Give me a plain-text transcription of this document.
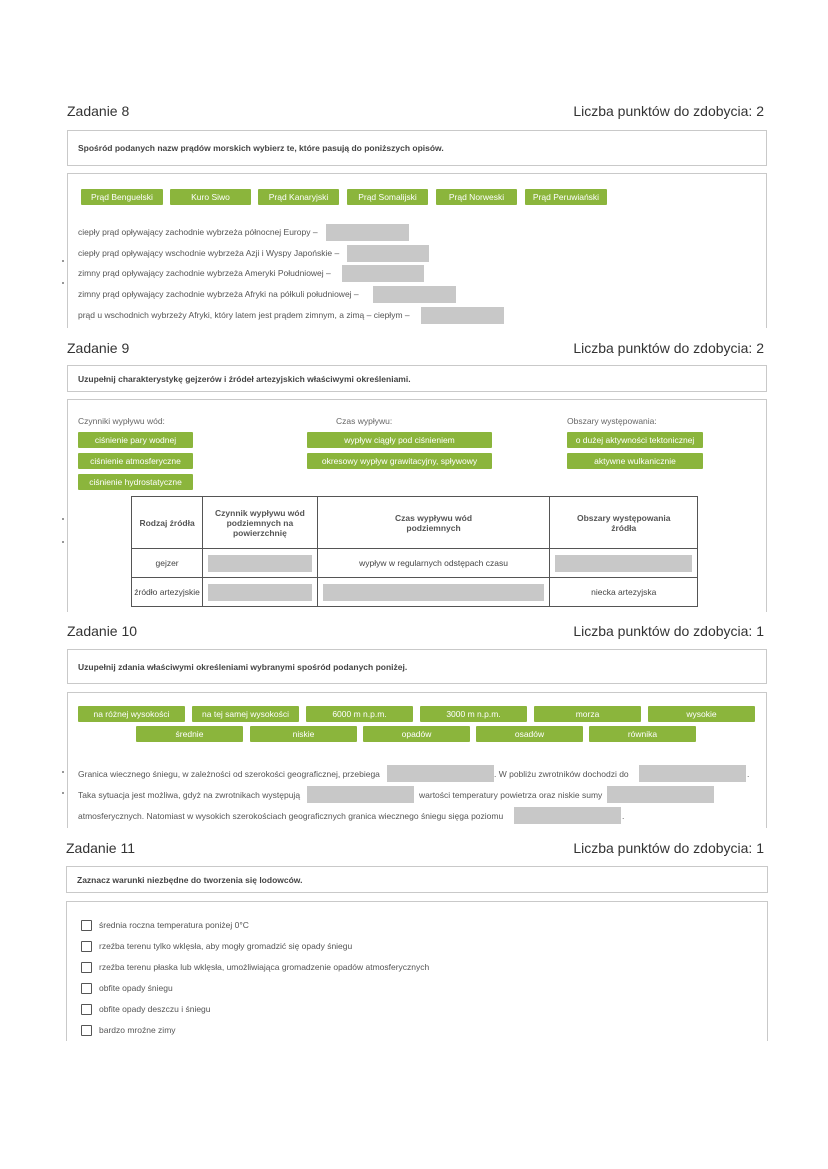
Zadanie 8	Liczba punktów do zdobycia: 2
Spośród podanych nazw prądów morskich wybierz te, które pasują do poniższych opisów.
Prąd Benguelski	Kuro Siwo	Prąd Kanaryjski	Prąd Somalijski	Prąd Norweski	Prąd Peruwiański
ciepły prąd opływający zachodnie wybrzeża północnej Europy –
ciepły prąd opływający wschodnie wybrzeża Azji i Wyspy Japońskie –
zimny prąd opływający zachodnie wybrzeża Ameryki Południowej –
zimny prąd opływający zachodnie wybrzeża Afryki na półkuli południowej –
prąd u wschodnich wybrzeży Afryki, który latem jest prądem zimnym, a zimą – ciepłym –
Zadanie 9	Liczba punktów do zdobycia: 2
Uzupełnij charakterystykę gejzerów i źródeł artezyjskich właściwymi określeniami.
Czynniki wypływu wód:
ciśnienie pary wodnej
ciśnienie atmosferyczne
ciśnienie hydrostatyczne
Czas wypływu:
wypływ ciągły pod ciśnieniem
okresowy wypływ grawitacyjny, spływowy
Obszary występowania:
o dużej aktywności tektonicznej
aktywne wulkanicznie
Rodzaj źródła	Czynnik wypływu wód podziemnych na powierzchnię	Czas wypływu wód podziemnych	Obszary występowania źródła
gejzer		wypływ w regularnych odstępach czasu	

źródło artezyjskie			niecka artezyjska
Zadanie 10	Liczba punktów do zdobycia: 1
Uzupełnij zdania właściwymi określeniami wybranymi spośród podanych poniżej.
na różnej wysokości	na tej samej wysokości	6000 m n.p.m.	3000 m n.p.m.	morza	wysokie
średnie	niskie	opadów	osadów	równika
Granica wiecznego śniegu, w zależności od szerokości geograficznej, przebiega	. W pobliżu zwrotników dochodzi do	.
Taka sytuacja jest możliwa, gdyż na zwrotnikach występują	wartości temperatury powietrza oraz niskie sumy
atmosferycznych. Natomiast w wysokich szerokościach geograficznych granica wiecznego śniegu sięga poziomu	.
Zadanie 11	Liczba punktów do zdobycia: 1
Zaznacz warunki niezbędne do tworzenia się lodowców.
średnia roczna temperatura poniżej 0°C
rzeźba terenu tylko wklęsła, aby mogły gromadzić się opady śniegu
rzeźba terenu płaska lub wklęsła, umożliwiająca gromadzenie opadów atmosferycznych
obfite opady śniegu
obfite opady deszczu i śniegu
bardzo mroźne zimy
